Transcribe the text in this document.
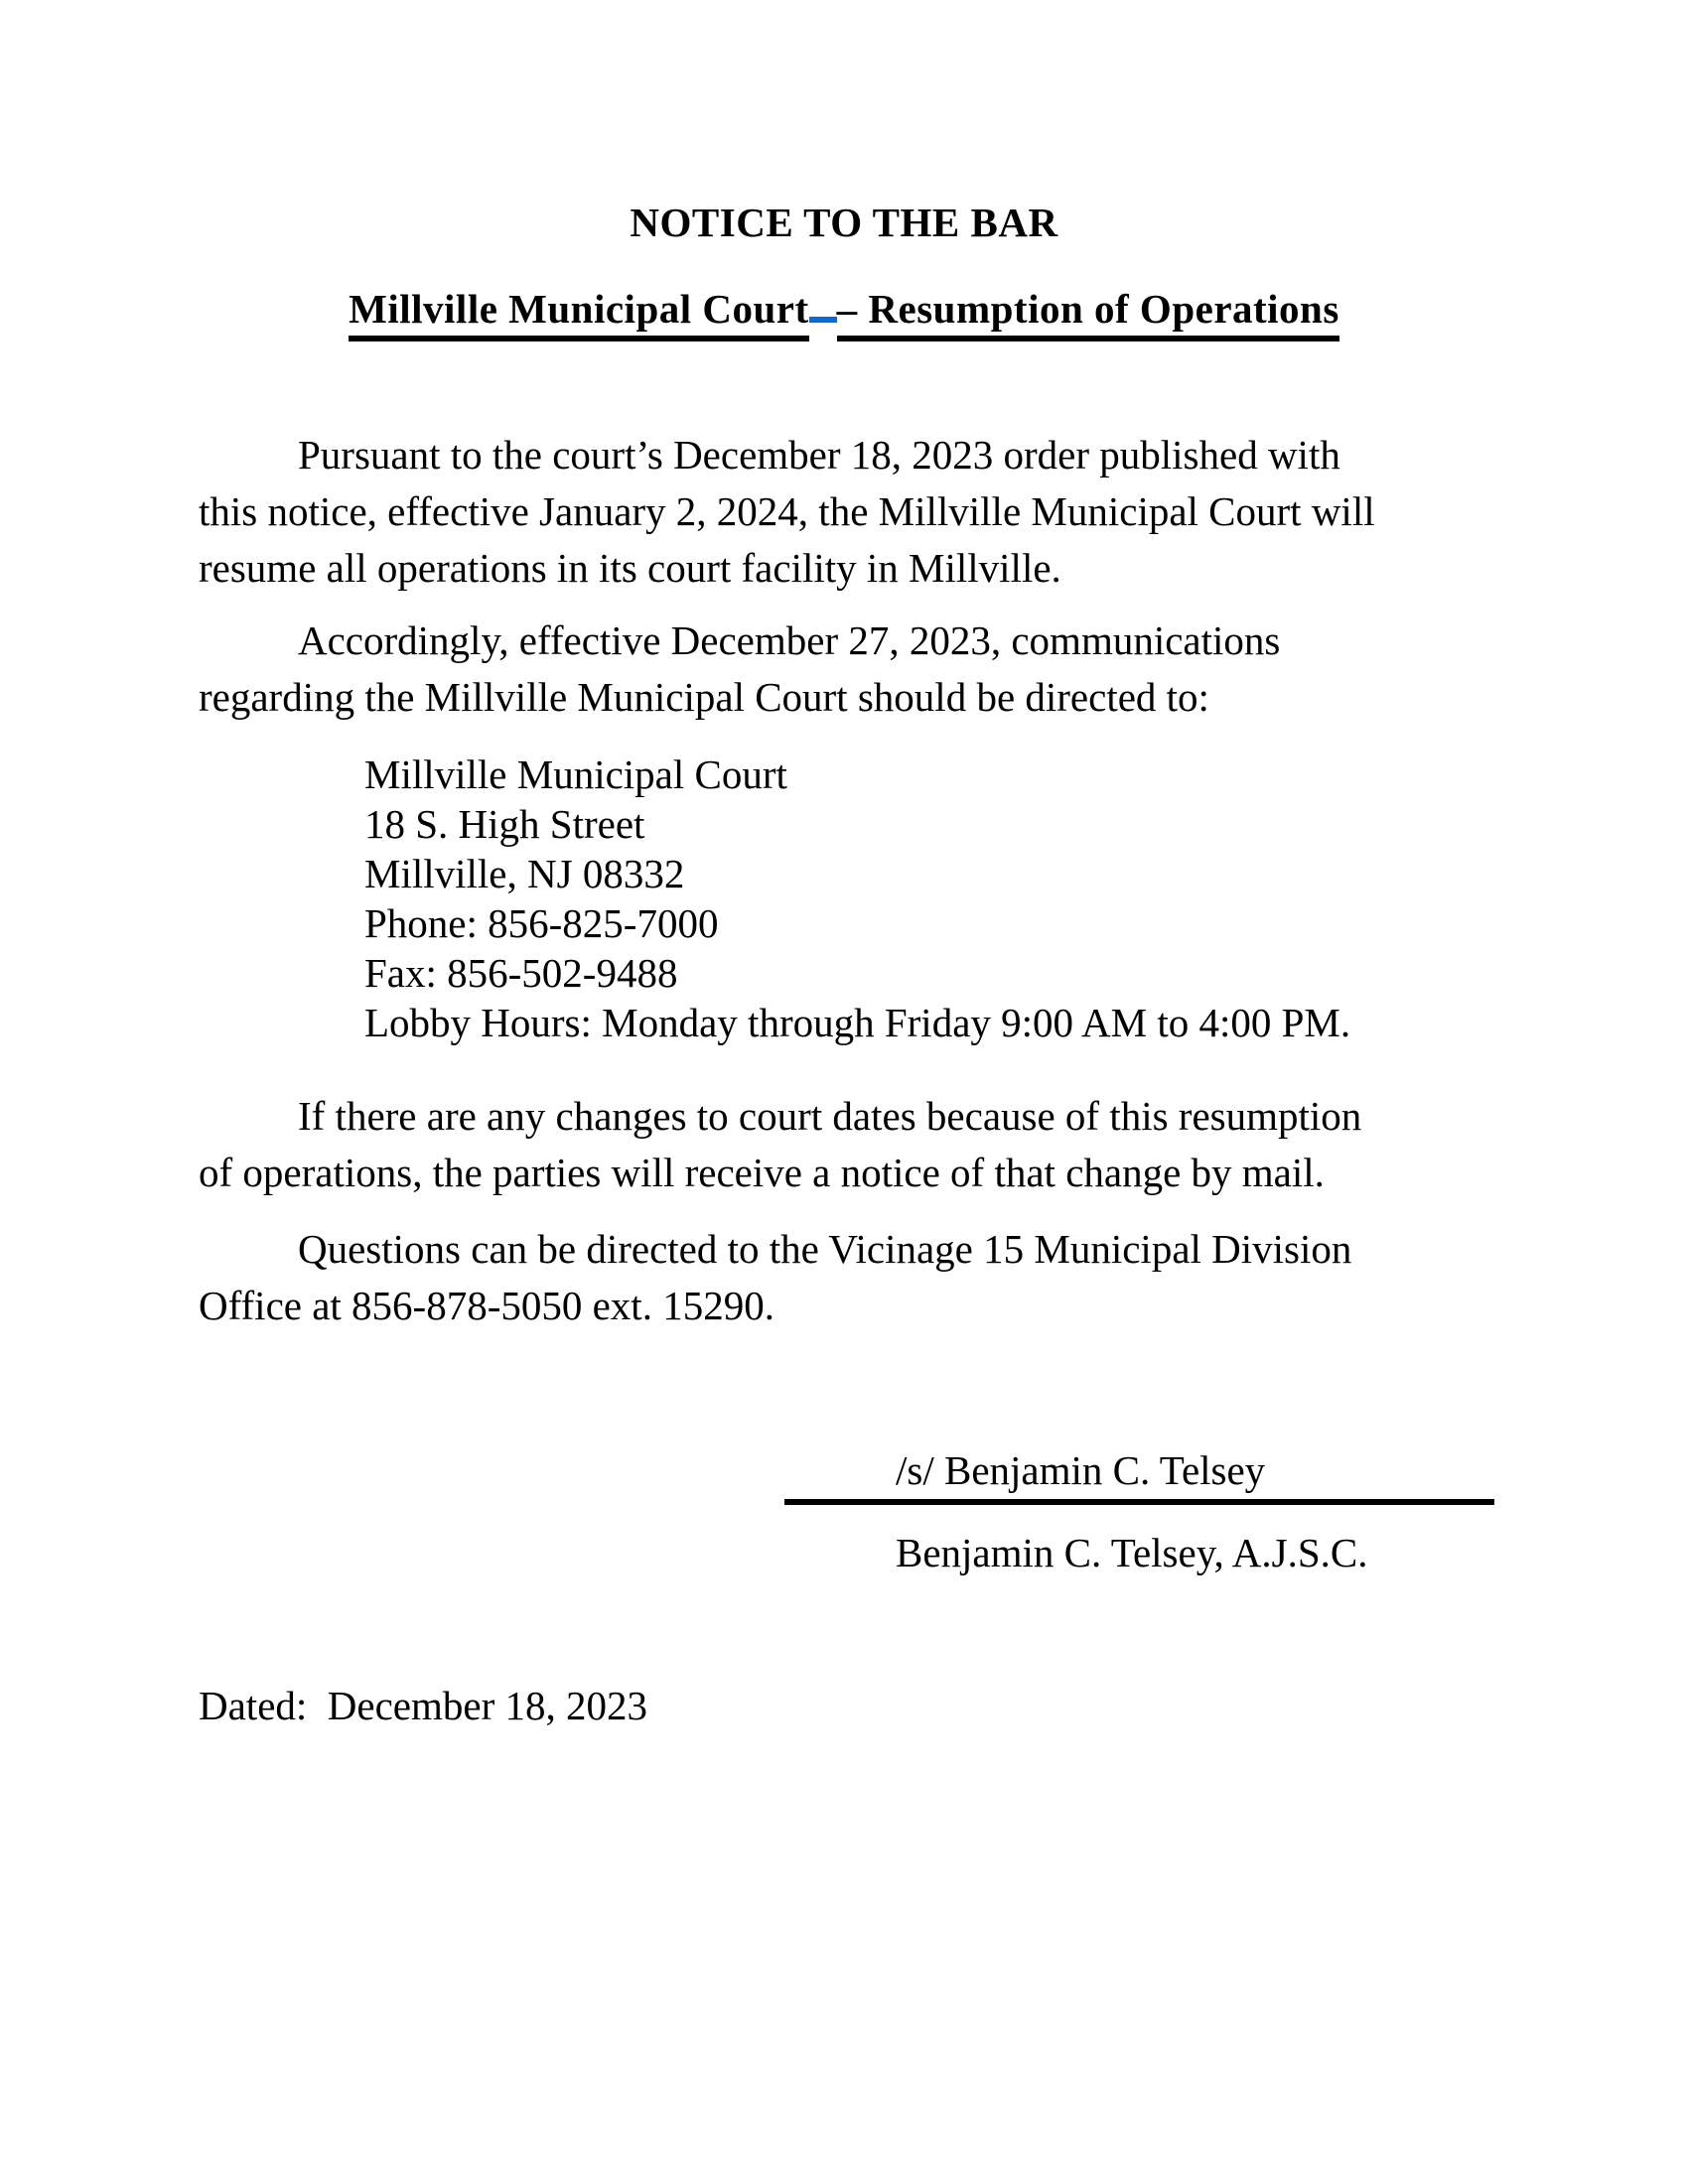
NOTICE TO THE BAR
Millville Municipal Court– Resumption of Operations
Pursuant to the court’s December 18, 2023 order published with
this notice, effective January 2, 2024, the Millville Municipal Court will
resume all operations in its court facility in Millville.
Accordingly, effective December 27, 2023, communications
regarding the Millville Municipal Court should be directed to:
Millville Municipal Court
18 S. High Street
Millville, NJ 08332
Phone: 856-825-7000
Fax: 856-502-9488
Lobby Hours: Monday through Friday 9:00 AM to 4:00 PM.
If there are any changes to court dates because of this resumption
of operations, the parties will receive a notice of that change by mail.
Questions can be directed to the Vicinage 15 Municipal Division
Office at 856-878-5050 ext. 15290.
/s/ Benjamin C. Telsey
Benjamin C. Telsey, A.J.S.C.
Dated:  December 18, 2023
